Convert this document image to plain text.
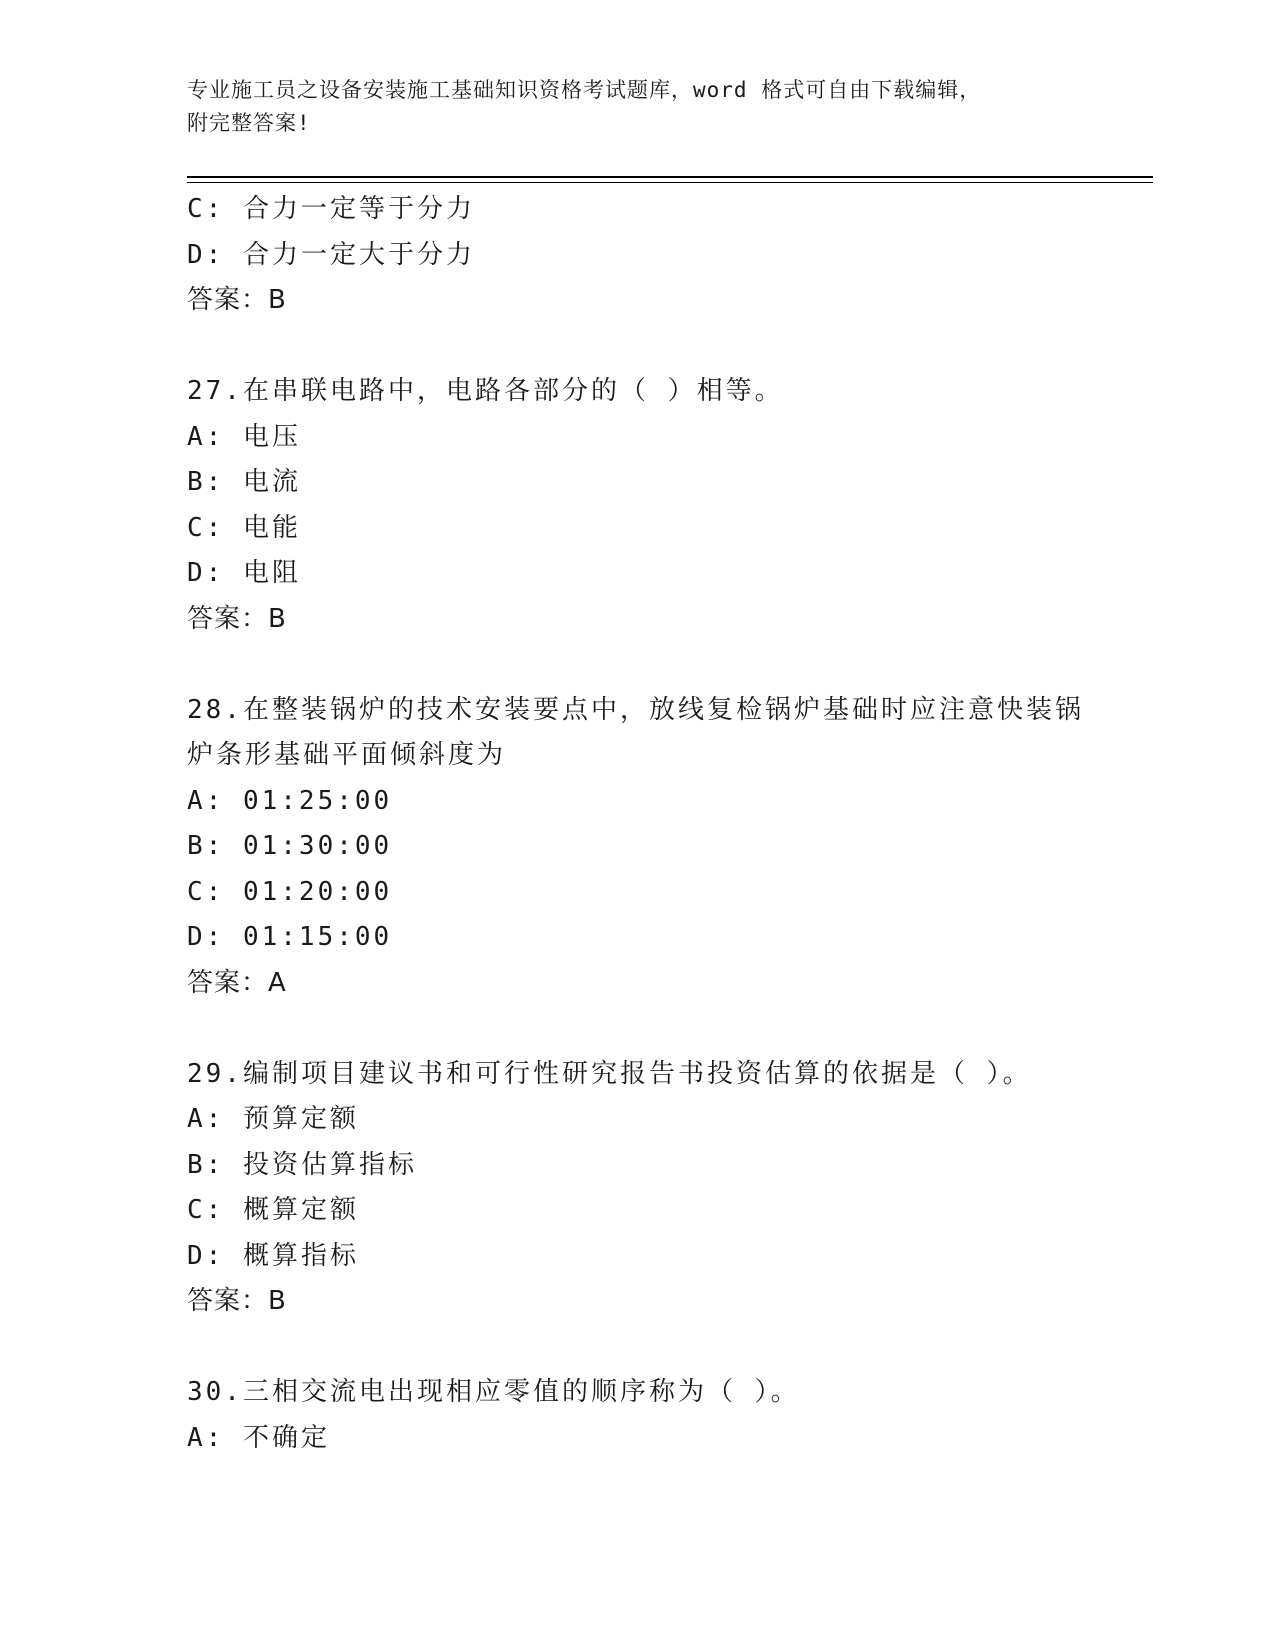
专业施工员之设备安装施工基础知识资格考试题库，word 格式可自由下载编辑，
附完整答案!
C: 合力一定等于分力
D: 合力一定大于分力
答案：B
27.在串联电路中，电路各部分的（ ）相等。
A: 电压
B: 电流
C: 电能
D: 电阻
答案：B
28.在整装锅炉的技术安装要点中，放线复检锅炉基础时应注意快装锅
炉条形基础平面倾斜度为
A: 01:25:00
B: 01:30:00
C: 01:20:00
D: 01:15:00
答案：A
29.编制项目建议书和可行性研究报告书投资估算的依据是（ ）。
A: 预算定额
B: 投资估算指标
C: 概算定额
D: 概算指标
答案：B
30.三相交流电出现相应零值的顺序称为（ ）。
A: 不确定
